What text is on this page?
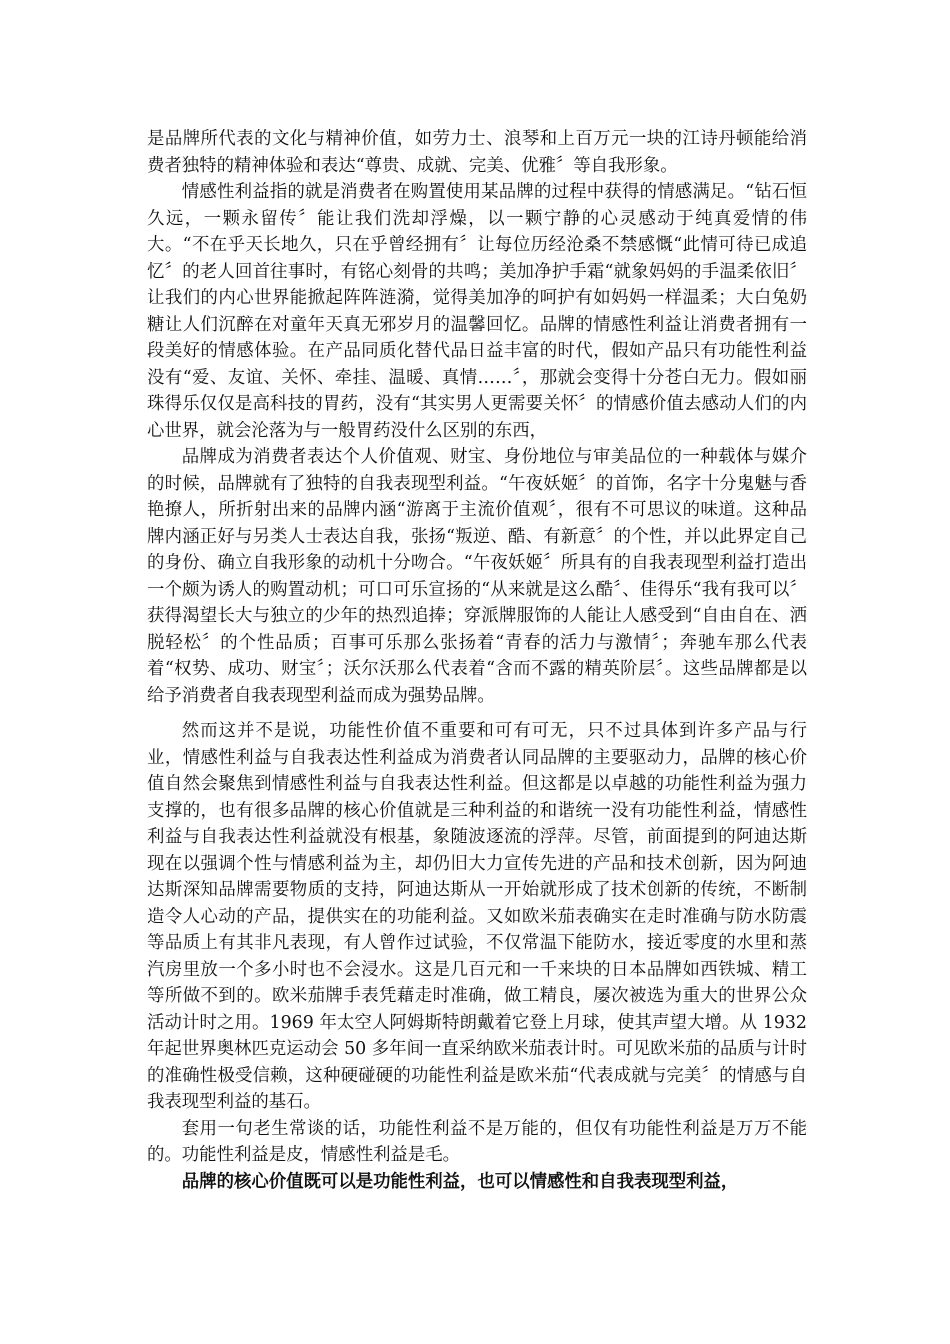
是品牌所代表的文化与精神价值，如劳力士、浪琴和上百万元一块的江诗丹顿能给消费者独特的精神体验和表达“尊贵、成就、完美、优雅〞等自我形象。

情感性利益指的就是消费者在购置使用某品牌的过程中获得的情感满足。“钻石恒久远，一颗永留传〞能让我们洗却浮燥，以一颗宁静的心灵感动于纯真爱情的伟大。“不在乎天长地久，只在乎曾经拥有〞让每位历经沧桑不禁感慨“此情可待已成追忆〞的老人回首往事时，有铭心刻骨的共鸣；美加净护手霜“就象妈妈的手温柔依旧〞 让我们的内心世界能掀起阵阵涟漪，觉得美加净的呵护有如妈妈一样温柔；大白兔奶糖让人们沉醉在对童年天真无邪岁月的温馨回忆。品牌的情感性利益让消费者拥有一段美好的情感体验。在产品同质化替代品日益丰富的时代，假如产品只有功能性利益没有“爱、友谊、关怀、牵挂、温暖、真情……〞，那就会变得十分苍白无力。假如丽珠得乐仅仅是高科技的胃药，没有“其实男人更需要关怀〞的情感价值去感动人们的内心世界，就会沦落为与一般胃药没什么区别的东西，

品牌成为消费者表达个人价值观、财宝、身份地位与审美品位的一种载体与媒介的时候，品牌就有了独特的自我表现型利益。“午夜妖姬〞的首饰，名字十分鬼魅与香艳撩人，所折射出来的品牌内涵“游离于主流价值观〞，很有不可思议的味道。这种品牌内涵正好与另类人士表达自我，张扬“叛逆、酷、有新意〞的个性，并以此界定自己的身份、确立自我形象的动机十分吻合。“午夜妖姬〞所具有的自我表现型利益打造出一个颇为诱人的购置动机；可口可乐宣扬的“从来就是这么酷〞、佳得乐“我有我可以〞获得渴望长大与独立的少年的热烈追捧；穿派牌服饰的人能让人感受到“自由自在、洒脱轻松〞的个性品质；百事可乐那么张扬着“青春的活力与激情〞；奔驰车那么代表着“权势、成功、财宝〞；沃尔沃那么代表着“含而不露的精英阶层〞。这些品牌都是以给予消费者自我表现型利益而成为强势品牌。

然而这并不是说，功能性价值不重要和可有可无，只不过具体到许多产品与行业，情感性利益与自我表达性利益成为消费者认同品牌的主要驱动力，品牌的核心价值自然会聚焦到情感性利益与自我表达性利益。但这都是以卓越的功能性利益为强力支撑的，也有很多品牌的核心价值就是三种利益的和谐统一没有功能性利益，情感性利益与自我表达性利益就没有根基，象随波逐流的浮萍。尽管，前面提到的阿迪达斯现在以强调个性与情感利益为主，却仍旧大力宣传先进的产品和技术创新，因为阿迪达斯深知品牌需要物质的支持，阿迪达斯从一开始就形成了技术创新的传统，不断制造令人心动的产品，提供实在的功能利益。又如欧米茄表确实在走时准确与防水防震等品质上有其非凡表现，有人曾作过试验，不仅常温下能防水，接近零度的水里和蒸汽房里放一个多小时也不会浸水。这是几百元和一千来块的日本品牌如西铁城、精工等所做不到的。欧米茄牌手表凭藉走时准确，做工精良，屡次被选为重大的世界公众活动计时之用。1969 年太空人阿姆斯特朗戴着它登上月球，使其声望大增。从 1932年起世界奥林匹克运动会 50 多年间一直采纳欧米茄表计时。可见欧米茄的品质与计时的准确性极受信赖，这种硬碰硬的功能性利益是欧米茄“代表成就与完美〞的情感与自我表现型利益的基石。

套用一句老生常谈的话，功能性利益不是万能的，但仅有功能性利益是万万不能的。功能性利益是皮，情感性利益是毛。

品牌的核心价值既可以是功能性利益，也可以情感性和自我表现型利益，
